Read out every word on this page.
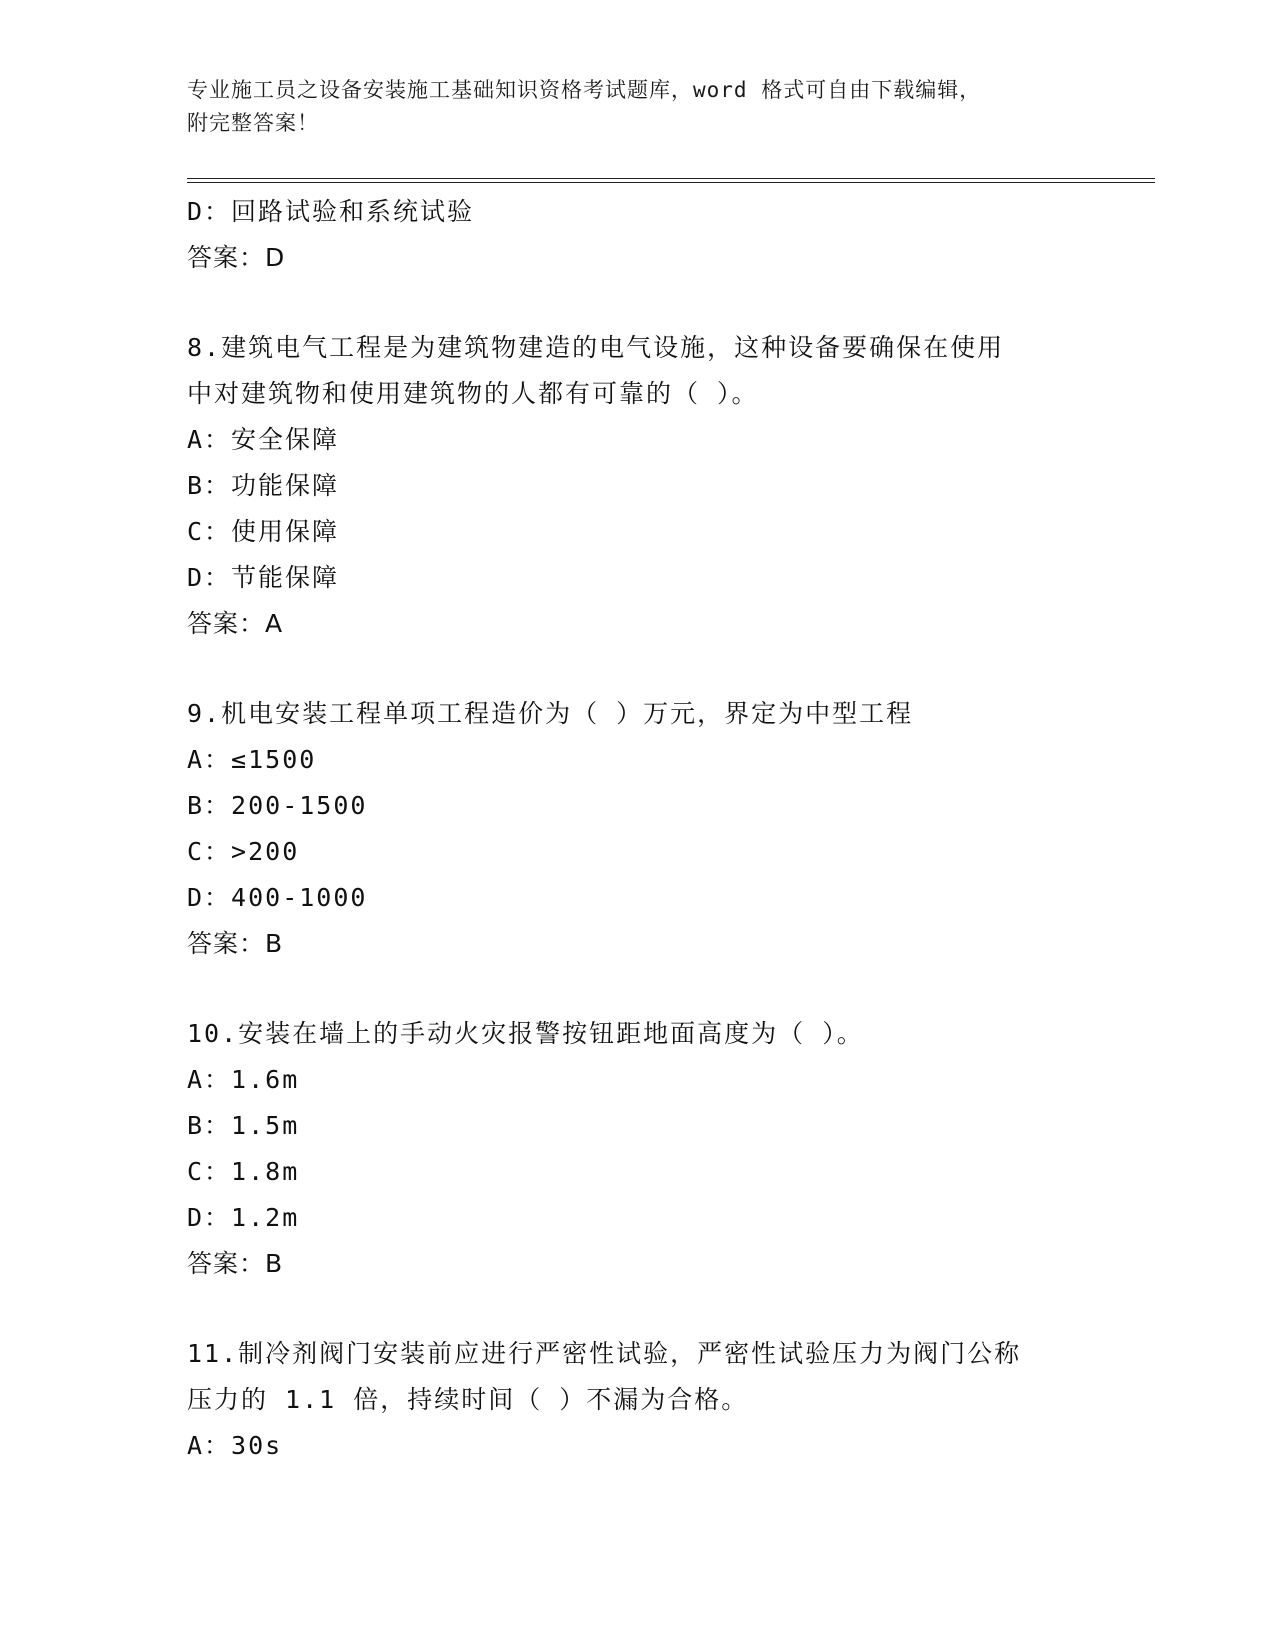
专业施工员之设备安装施工基础知识资格考试题库，word 格式可自由下载编辑，
附完整答案！
D：回路试验和系统试验
答案：D
8.建筑电气工程是为建筑物建造的电气设施，这种设备要确保在使用
中对建筑物和使用建筑物的人都有可靠的（ ）。
A：安全保障
B：功能保障
C：使用保障
D：节能保障
答案：A
9.机电安装工程单项工程造价为（ ）万元，界定为中型工程
A：≤1500
B：200-1500
C：>200
D：400-1000
答案：B
10.安装在墙上的手动火灾报警按钮距地面高度为（ ）。
A：1.6m
B：1.5m
C：1.8m
D：1.2m
答案：B
11.制冷剂阀门安装前应进行严密性试验，严密性试验压力为阀门公称
压力的 1.1 倍，持续时间（ ）不漏为合格。
A：30s
